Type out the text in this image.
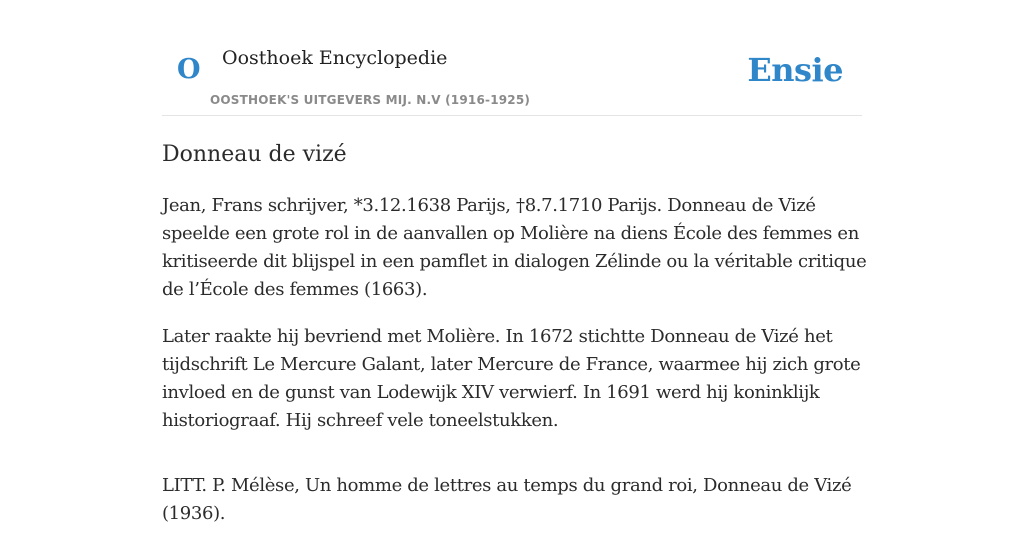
O Oosthoek Encyclopedie
OOSTHOEK'S UITGEVERS MIJ. N.V (1916-1925)
Ensie
Donneau de vizé

Jean, Frans schrijver, *3.12.1638 Parijs, †8.7.1710 Parijs. Donneau de Vizé speelde een grote rol in de aanvallen op Molière na diens École des femmes en kritiseerde dit blijspel in een pamflet in dialogen Zélinde ou la véritable critique de l’École des femmes (1663).

Later raakte hij bevriend met Molière. In 1672 stichtte Donneau de Vizé het tijdschrift Le Mercure Galant, later Mercure de France, waarmee hij zich grote invloed en de gunst van Lodewijk XIV verwierf. In 1691 werd hij koninklijk historiograaf. Hij schreef vele toneelstukken.

LITT. P. Mélèse, Un homme de lettres au temps du grand roi, Donneau de Vizé (1936).
